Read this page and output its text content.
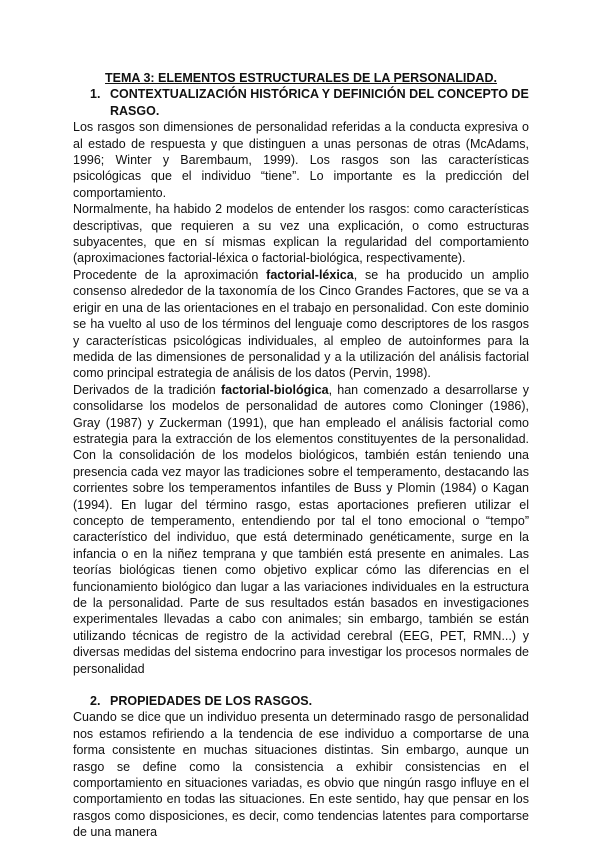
TEMA 3: ELEMENTOS ESTRUCTURALES DE LA PERSONALIDAD.

1. CONTEXTUALIZACIÓN HISTÓRICA Y DEFINICIÓN DEL CONCEPTO DE RASGO.

Los rasgos son dimensiones de personalidad referidas a la conducta expresiva o al estado de respuesta y que distinguen a unas personas de otras (McAdams, 1996; Winter y Barembaum, 1999). Los rasgos son las características psicológicas que el individuo “tiene”. Lo importante es la predicción del comportamiento.

Normalmente, ha habido 2 modelos de entender los rasgos: como características descriptivas, que requieren a su vez una explicación, o como estructuras subyacentes, que en sí mismas explican la regularidad del comportamiento (aproximaciones factorial-léxica o factorial-biológica, respectivamente).

Procedente de la aproximación factorial-léxica, se ha producido un amplio consenso alrededor de la taxonomía de los Cinco Grandes Factores, que se va a erigir en una de las orientaciones en el trabajo en personalidad. Con este dominio se ha vuelto al uso de los términos del lenguaje como descriptores de los rasgos y características psicológicas individuales, al empleo de autoinformes para la medida de las dimensiones de personalidad y a la utilización del análisis factorial como principal estrategia de análisis de los datos (Pervin, 1998).

Derivados de la tradición factorial-biológica, han comenzado a desarrollarse y consolidarse los modelos de personalidad de autores como Cloninger (1986), Gray (1987) y Zuckerman (1991), que han empleado el análisis factorial como estrategia para la extracción de los elementos constituyentes de la personalidad. Con la consolidación de los modelos biológicos, también están teniendo una presencia cada vez mayor las tradiciones sobre el temperamento, destacando las corrientes sobre los temperamentos infantiles de Buss y Plomin (1984) o Kagan (1994). En lugar del término rasgo, estas aportaciones prefieren utilizar el concepto de temperamento, entendiendo por tal el tono emocional o “tempo” característico del individuo, que está determinado genéticamente, surge en la infancia o en la niñez temprana y que también está presente en animales. Las teorías biológicas tienen como objetivo explicar cómo las diferencias en el funcionamiento biológico dan lugar a las variaciones individuales en la estructura de la personalidad. Parte de sus resultados están basados en investigaciones experimentales llevadas a cabo con animales; sin embargo, también se están utilizando técnicas de registro de la actividad cerebral (EEG, PET, RMN...) y diversas medidas del sistema endocrino para investigar los procesos normales de personalidad

2. PROPIEDADES DE LOS RASGOS.

Cuando se dice que un individuo presenta un determinado rasgo de personalidad nos estamos refiriendo a la tendencia de ese individuo a comportarse de una forma consistente en muchas situaciones distintas. Sin embargo, aunque un rasgo se define como la consistencia a exhibir consistencias en el comportamiento en situaciones variadas, es obvio que ningún rasgo influye en el comportamiento en todas las situaciones. En este sentido, hay que pensar en los rasgos como disposiciones, es decir, como tendencias latentes para comportarse de una manera
